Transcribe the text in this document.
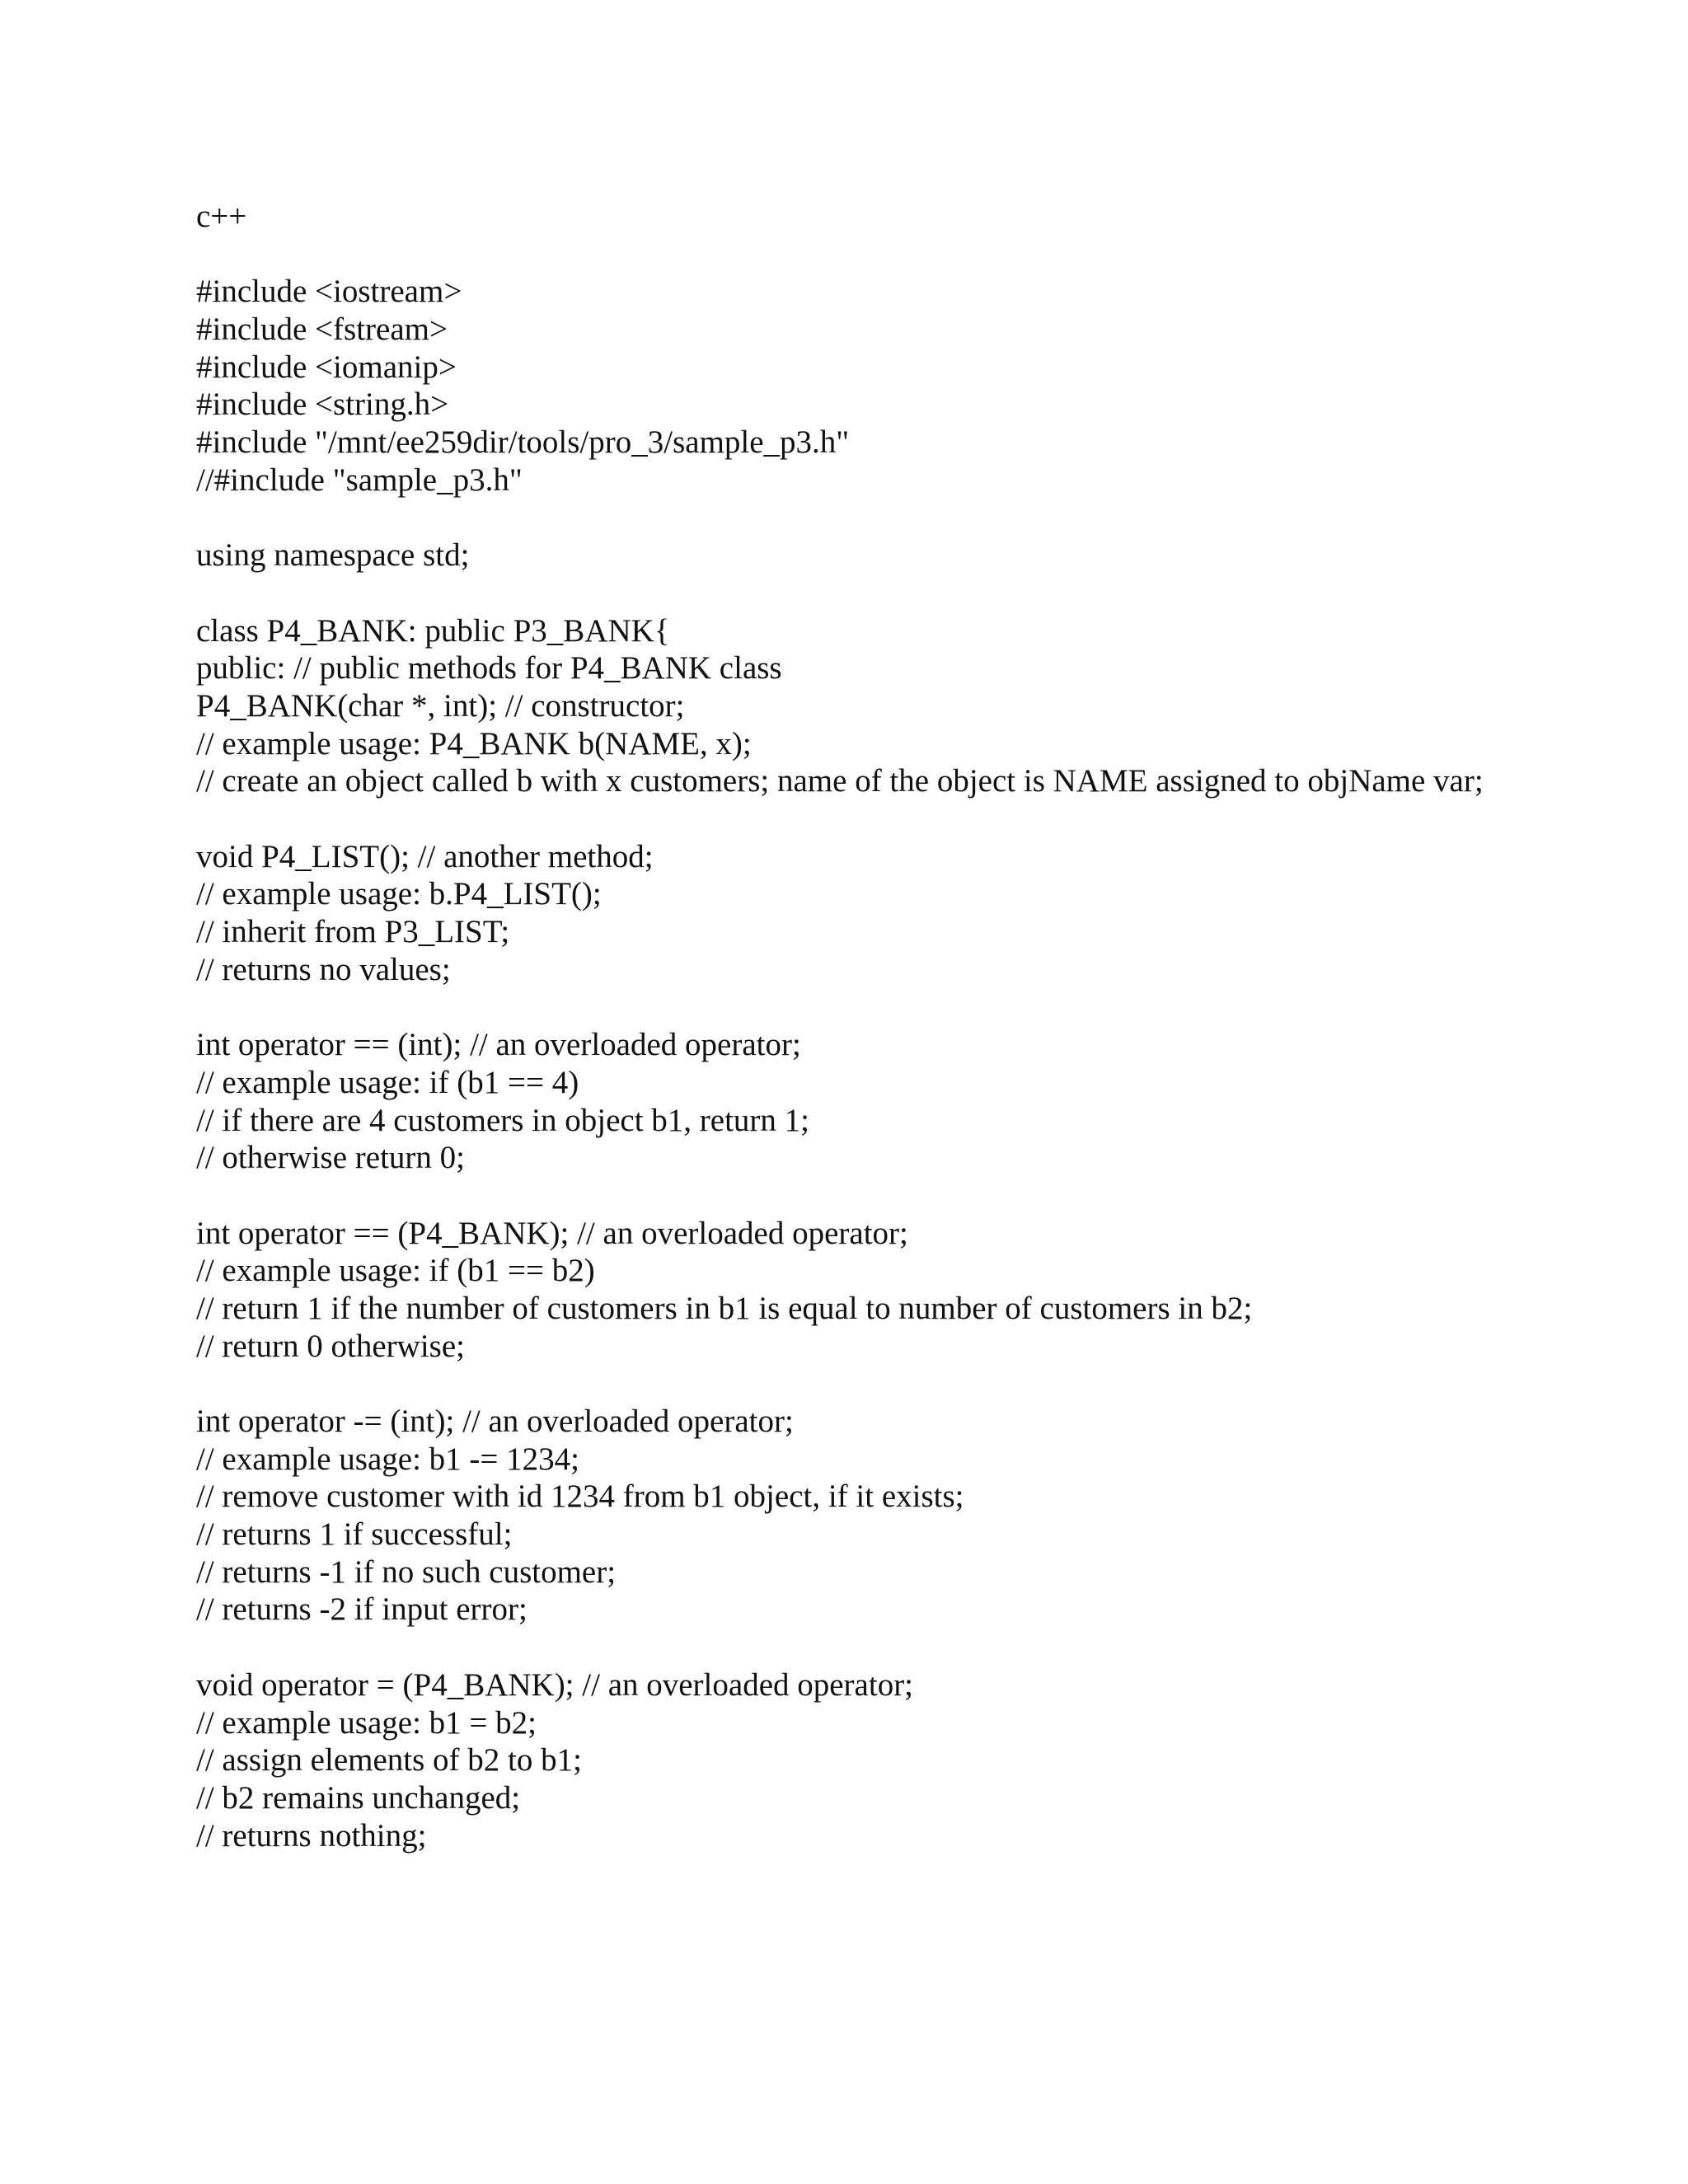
c++
#include <iostream>
#include <fstream>
#include <iomanip>
#include <string.h>
#include "/mnt/ee259dir/tools/pro_3/sample_p3.h"
//#include "sample_p3.h"
using namespace std;
class P4_BANK: public P3_BANK{
public: // public methods for P4_BANK class
P4_BANK(char *, int); // constructor;
// example usage: P4_BANK b(NAME, x);
// create an object called b with x customers; name of the object is NAME assigned to objName var;
void P4_LIST(); // another method;
// example usage: b.P4_LIST();
// inherit from P3_LIST;
// returns no values;
int operator == (int); // an overloaded operator;
// example usage: if (b1 == 4)
// if there are 4 customers in object b1, return 1;
// otherwise return 0;
int operator == (P4_BANK); // an overloaded operator;
// example usage: if (b1 == b2)
// return 1 if the number of customers in b1 is equal to number of customers in b2;
// return 0 otherwise;
int operator -= (int); // an overloaded operator;
// example usage: b1 -= 1234;
// remove customer with id 1234 from b1 object, if it exists;
// returns 1 if successful;
// returns -1 if no such customer;
// returns -2 if input error;
void operator = (P4_BANK); // an overloaded operator;
// example usage: b1 = b2;
// assign elements of b2 to b1;
// b2 remains unchanged;
// returns nothing;
